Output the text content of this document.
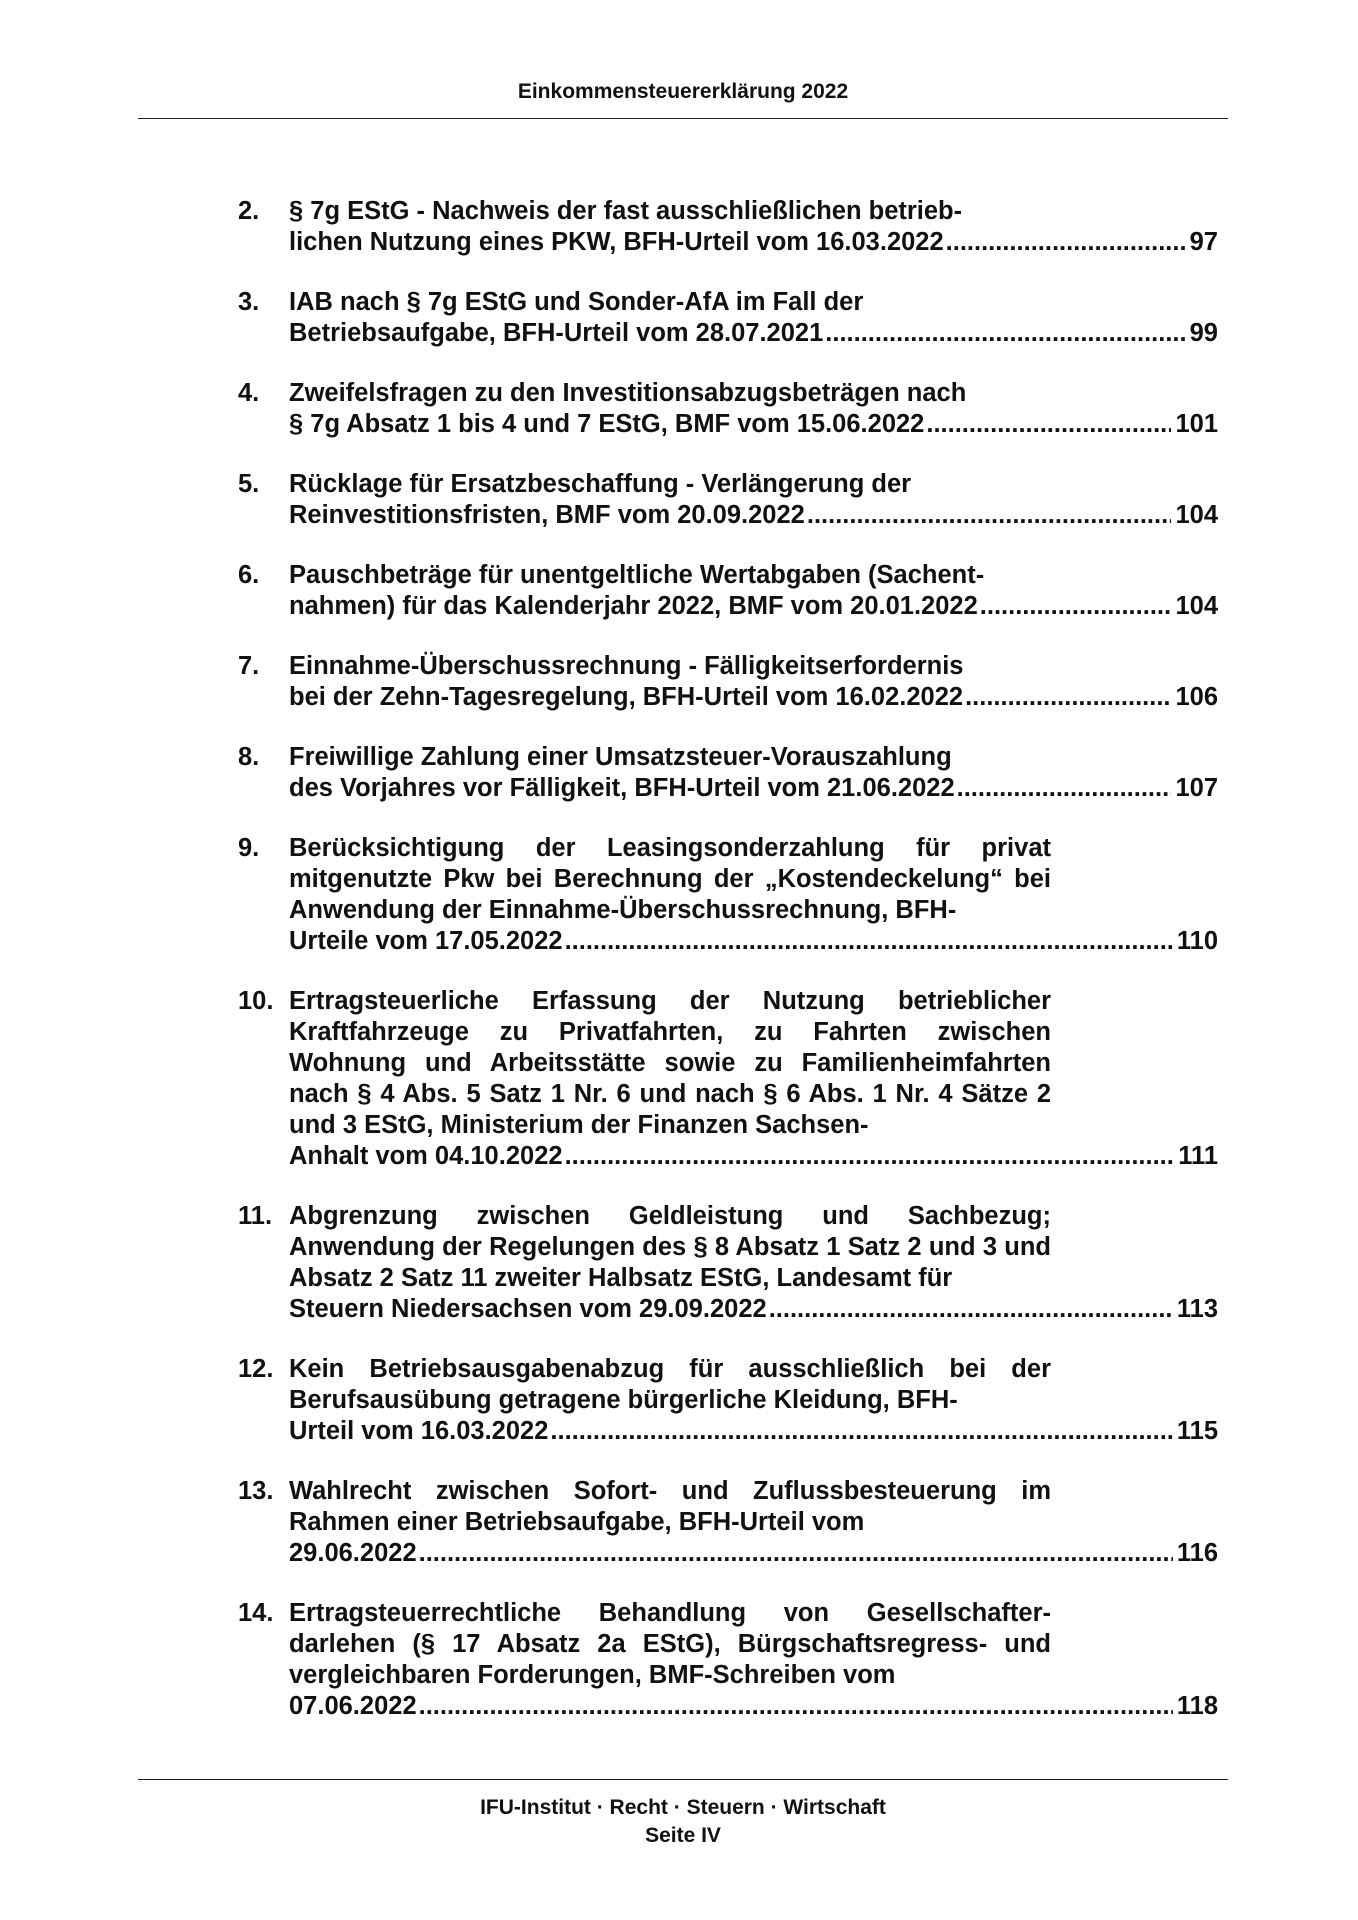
Einkommensteuererklärung 2022
2. § 7g EStG - Nachweis der fast ausschließlichen betrieb-
lichen Nutzung eines PKW, BFH-Urteil vom 16.03.2022 .....	97
3. IAB nach § 7g EStG und Sonder-AfA im Fall der
Betriebsaufgabe, BFH-Urteil vom 28.07.2021 .....	99
4. Zweifelsfragen zu den Investitionsabzugsbeträgen nach
§ 7g Absatz 1 bis 4 und 7 EStG, BMF vom 15.06.2022 .....	101
5. Rücklage für Ersatzbeschaffung - Verlängerung der
Reinvestitionsfristen, BMF vom 20.09.2022 .....	104
6. Pauschbeträge für unentgeltliche Wertabgaben (Sachent-
nahmen) für das Kalenderjahr 2022, BMF vom 20.01.2022 .....	104
7. Einnahme-Überschussrechnung - Fälligkeitserfordernis
bei der Zehn-Tagesregelung, BFH-Urteil vom 16.02.2022 .....	106
8. Freiwillige Zahlung einer Umsatzsteuer-Vorauszahlung
des Vorjahres vor Fälligkeit, BFH-Urteil vom 21.06.2022 .....	107
9. Berücksichtigung der Leasingsonderzahlung für privat mitgenutzte Pkw bei Berechnung der „Kostendeckelung“ bei Anwendung der Einnahme-Überschussrechnung, BFH-
Urteile vom 17.05.2022 .....	110
10. Ertragsteuerliche Erfassung der Nutzung betrieblicher Kraftfahrzeuge zu Privatfahrten, zu Fahrten zwischen Wohnung und Arbeitsstätte sowie zu Familienheimfahrten nach § 4 Abs. 5 Satz 1 Nr. 6 und nach § 6 Abs. 1 Nr. 4 Sätze 2 und 3 EStG, Ministerium der Finanzen Sachsen-
Anhalt vom 04.10.2022 .....	111
11. Abgrenzung zwischen Geldleistung und Sachbezug; Anwendung der Regelungen des § 8 Absatz 1 Satz 2 und 3 und Absatz 2 Satz 11 zweiter Halbsatz EStG, Landesamt für
Steuern Niedersachsen vom 29.09.2022 .....	113
12. Kein Betriebsausgabenabzug für ausschließlich bei der Berufsausübung getragene bürgerliche Kleidung, BFH-
Urteil vom 16.03.2022 .....	115
13. Wahlrecht zwischen Sofort- und Zuflussbesteuerung im Rahmen einer Betriebsaufgabe, BFH-Urteil vom
29.06.2022 .....	116
14. Ertragsteuerrechtliche Behandlung von Gesellschafter-darlehen (§ 17 Absatz 2a EStG), Bürgschaftsregress- und vergleichbaren Forderungen, BMF-Schreiben vom
07.06.2022 .....	118
IFU-Institut · Recht · Steuern · Wirtschaft
Seite IV
